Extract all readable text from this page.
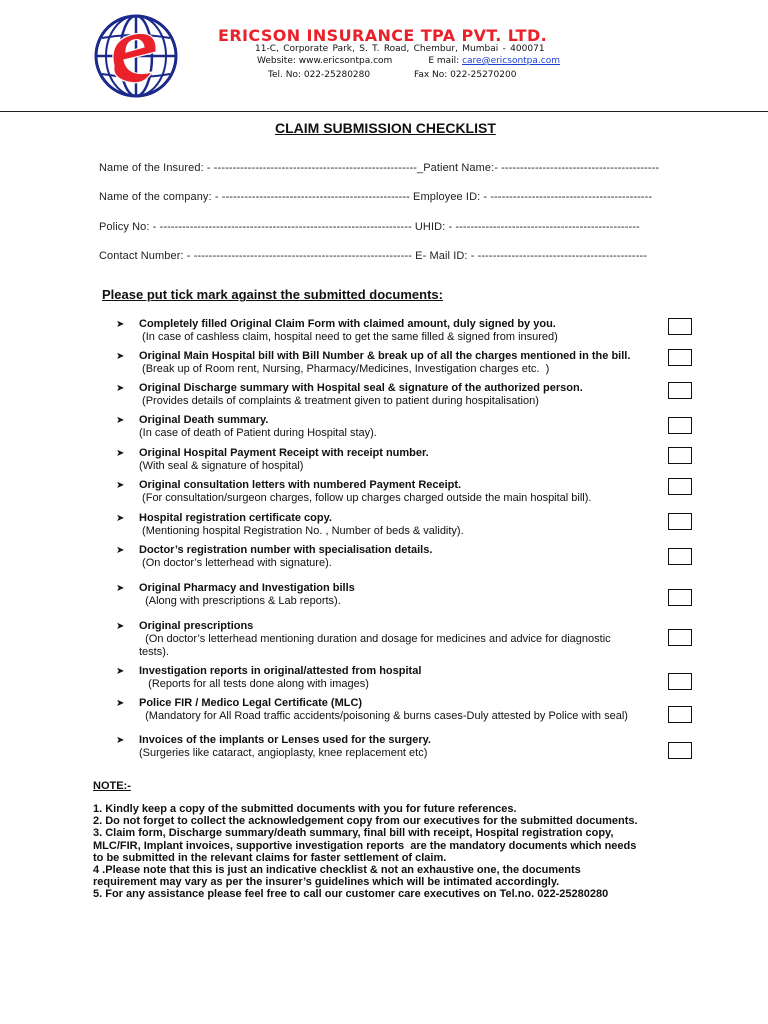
ERICSON INSURANCE TPA PVT. LTD.
11-C, Corporate Park, S. T. Road, Chembur, Mumbai - 400071
Website: www.ericsontpa.com	E mail: care@ericsontpa.com
Tel. No: 022-25280280	Fax No: 022-25270200
CLAIM SUBMISSION CHECKLIST
Name of the Insured: - ------------------------------------------------------_Patient Name:- ------------------------------------------
Name of the company: - -------------------------------------------------- Employee ID: - -------------------------------------------
Policy No: - ------------------------------------------------------------------- UHID: - -------------------------------------------------
Contact Number: - ---------------------------------------------------------- E- Mail ID: - ---------------------------------------------
Please put tick mark against the submitted documents:
➤ Completely filled Original Claim Form with claimed amount, duly signed by you.
(In case of cashless claim, hospital need to get the same filled & signed from insured)
➤ Original Main Hospital bill with Bill Number & break up of all the charges mentioned in the bill.
(Break up of Room rent, Nursing, Pharmacy/Medicines, Investigation charges etc.  )
➤ Original Discharge summary with Hospital seal & signature of the authorized person.
(Provides details of complaints & treatment given to patient during hospitalisation)
➤ Original Death summary.
(In case of death of Patient during Hospital stay).
➤ Original Hospital Payment Receipt with receipt number.
(With seal & signature of hospital)
➤ Original consultation letters with numbered Payment Receipt.
(For consultation/surgeon charges, follow up charges charged outside the main hospital bill).
➤ Hospital registration certificate copy.
(Mentioning hospital Registration No. , Number of beds & validity).
➤ Doctor’s registration number with specialisation details.
(On doctor’s letterhead with signature).
➤ Original Pharmacy and Investigation bills
(Along with prescriptions & Lab reports).
➤ Original prescriptions
(On doctor’s letterhead mentioning duration and dosage for medicines and advice for diagnostic
tests).
➤ Investigation reports in original/attested from hospital
(Reports for all tests done along with images)
➤ Police FIR / Medico Legal Certificate (MLC)
(Mandatory for All Road traffic accidents/poisoning & burns cases-Duly attested by Police with seal)
➤ Invoices of the implants or Lenses used for the surgery.
(Surgeries like cataract, angioplasty, knee replacement etc)
NOTE:-
1. Kindly keep a copy of the submitted documents with you for future references.
2. Do not forget to collect the acknowledgement copy from our executives for the submitted documents.
3. Claim form, Discharge summary/death summary, final bill with receipt, Hospital registration copy,
MLC/FIR, Implant invoices, supportive investigation reports  are the mandatory documents which needs
to be submitted in the relevant claims for faster settlement of claim.
4 .Please note that this is just an indicative checklist & not an exhaustive one, the documents
requirement may vary as per the insurer’s guidelines which will be intimated accordingly.
5. For any assistance please feel free to call our customer care executives on Tel.no. 022-25280280
